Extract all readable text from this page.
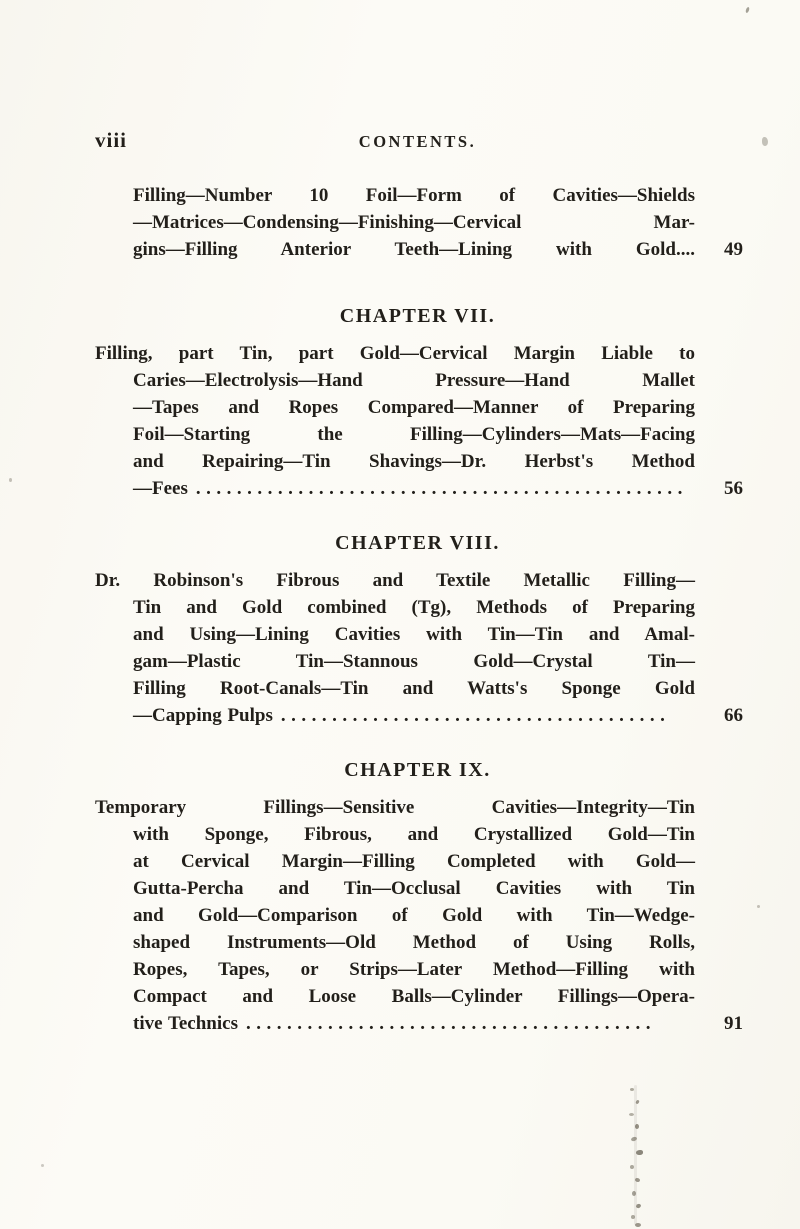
viii	CONTENTS.
Filling—Number 10 Foil—Form of Cavities—Shields
—Matrices—Condensing—Finishing—Cervical Mar-
gins—Filling Anterior Teeth—Lining with Gold.... 49
CHAPTER VII.
Filling, part Tin, part Gold—Cervical Margin Liable to
Caries—Electrolysis—Hand Pressure—Hand Mallet
—Tapes and Ropes Compared—Manner of Preparing
Foil—Starting the Filling—Cylinders—Mats—Facing
and Repairing—Tin Shavings—Dr. Herbst's Method
—Fees ................................................	56
CHAPTER VIII.
Dr. Robinson's Fibrous and Textile Metallic Filling—
Tin and Gold combined (Tg), Methods of Preparing
and Using—Lining Cavities with Tin—Tin and Amal-
gam—Plastic Tin—Stannous Gold—Crystal Tin—
Filling Root-Canals—Tin and Watts's Sponge Gold
—Capping Pulps ......................................	66
CHAPTER IX.
Temporary Fillings—Sensitive Cavities—Integrity—Tin
with Sponge, Fibrous, and Crystallized Gold—Tin
at Cervical Margin—Filling Completed with Gold—
Gutta-Percha and Tin—Occlusal Cavities with Tin
and Gold—Comparison of Gold with Tin—Wedge-
shaped Instruments—Old Method of Using Rolls,
Ropes, Tapes, or Strips—Later Method—Filling with
Compact and Loose Balls—Cylinder Fillings—Opera-
tive Technics ........................................	91
